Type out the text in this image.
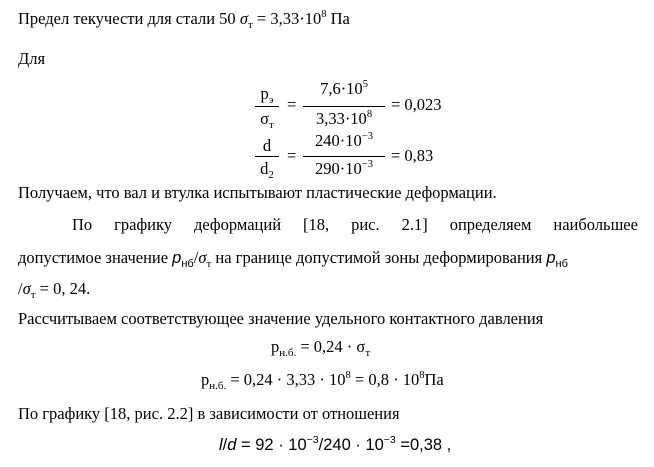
Предел текучести для стали 50 $\sigma_т = 3,33\cdot 10^8$ Па
Для
$р_э$
$\sigma_т$
=
$7,6\cdot 10^5$
$3,33\cdot 10^8$
= 0,023
d
$d_2$
=
$240\cdot 10^{-3}$
$290\cdot 10^{-3}$	= 0,83
Получаем, что вал и втулка испытывают пластические деформации.
По графику деформаций [18, рис. 2.1] определяем наибольшее
допустимое значение $р_{нб}/\sigma_т$ на границе допустимой зоны деформирования $р_{нб}$
$/\sigma_т = 0$, 24.
Рассчитываем соответствующее значение удельного контактного давления
$р_{н.б.} = 0,24 \cdot \sigma_т$
$р_{н.б.} = 0,24 \cdot 3,33 \cdot 10^8 = 0,8 \cdot 10^8Па$
По графику [18, рис. 2.2] в зависимости от отношения
$l/d = 92 \cdot 10^{-3}/240 \cdot 10^{-3} =0,38$ ,
